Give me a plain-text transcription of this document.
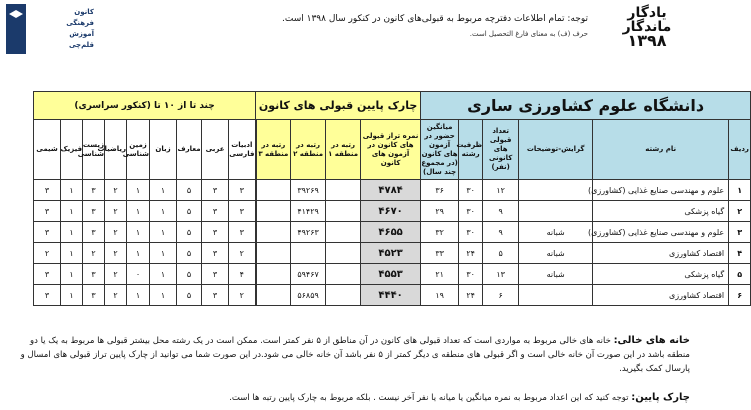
یادگار
ماندگار
۱۳۹۸
توجه: تمام اطلاعات دفترچه مربوط به قبولی‌های کانون در کنکور سال ۱۳۹۸ است.
حرف (ف) به معنای فارغ التحصیل است.
کانون
فرهنگی
آموزش
قلم‌چی
دانشگاه علوم کشاورزی ساری						چارک پایین قبولی های کانون				چند تا از ۱۰ تا (کنکور سراسری)								
ردیف	نام رشته	گرایش-توضیحات	تعداد قبولی های کانونی (نفر)	ظرفیت رشته	میانگین حضور در آزمون های کانون (در مجموع چند سال)	نمره تراز قبولی های کانون در آزمون های کانون	رتبه در منطقه ۱	رتبه در منطقه ۲	رتبه در منطقه ۳	ادبیات فارسی	عربی	معارف	زبان	زمین شناسی	ریاضیات	زیست شناسی	فیزیک	شیمی
۱	علوم و مهندسی صنایع غذایی (کشاورزی)		۱۲	۳۰	۳۶	۴۷۸۴		۳۹۲۶۹		۳	۳	۵	۱	۱	۲	۳	۱	۳
۲	گیاه پزشکی		۹	۳۰	۲۹	۴۶۷۰		۴۱۴۲۹		۳	۳	۵	۱	۱	۲	۳	۱	۳
۳	علوم و مهندسی صنایع غذایی (کشاورزی)	شبانه	۹	۳۰	۳۲	۴۶۵۵		۴۹۲۶۳		۳	۳	۵	۱	۱	۲	۳	۱	۳
۴	اقتصاد کشاورزی	شبانه	۵	۲۴	۳۳	۴۵۲۳				۲	۳	۵	۱	۱	۲	۲	۱	۲
۵	گیاه پزشکی	شبانه	۱۳	۳۰	۲۱	۴۵۵۳		۵۹۴۶۷		۴	۳	۵	۱	۰	۲	۳	۱	۳
۶	اقتصاد کشاورزی		۶	۲۴	۱۹	۴۴۴۰		۵۶۸۵۹		۲	۳	۵	۱	۱	۲	۳	۱	۳
خانه های خالی: خانه های خالی مربوط به مواردی است که تعداد قبولی های کانون در آن مناطق از ۵ نفر کمتر است. ممکن است در یک رشته محل بیشتر قبولی ها مربوط به یک یا دو منطقه باشد در این صورت آن خانه خالی است و اگر قبولی های منطقه ی دیگر کمتر از ۵ نفر باشد آن خانه خالی می شود.در این صورت شما می توانید از چارک پایین تراز قبولی های امسال و پارسال کمک بگیرید.
چارک پایین: توجه کنید که این اعداد مربوط به نمره میانگین یا میانه یا نفر آخر نیست . بلکه مربوط به چارک پایین رتبه ها است.
